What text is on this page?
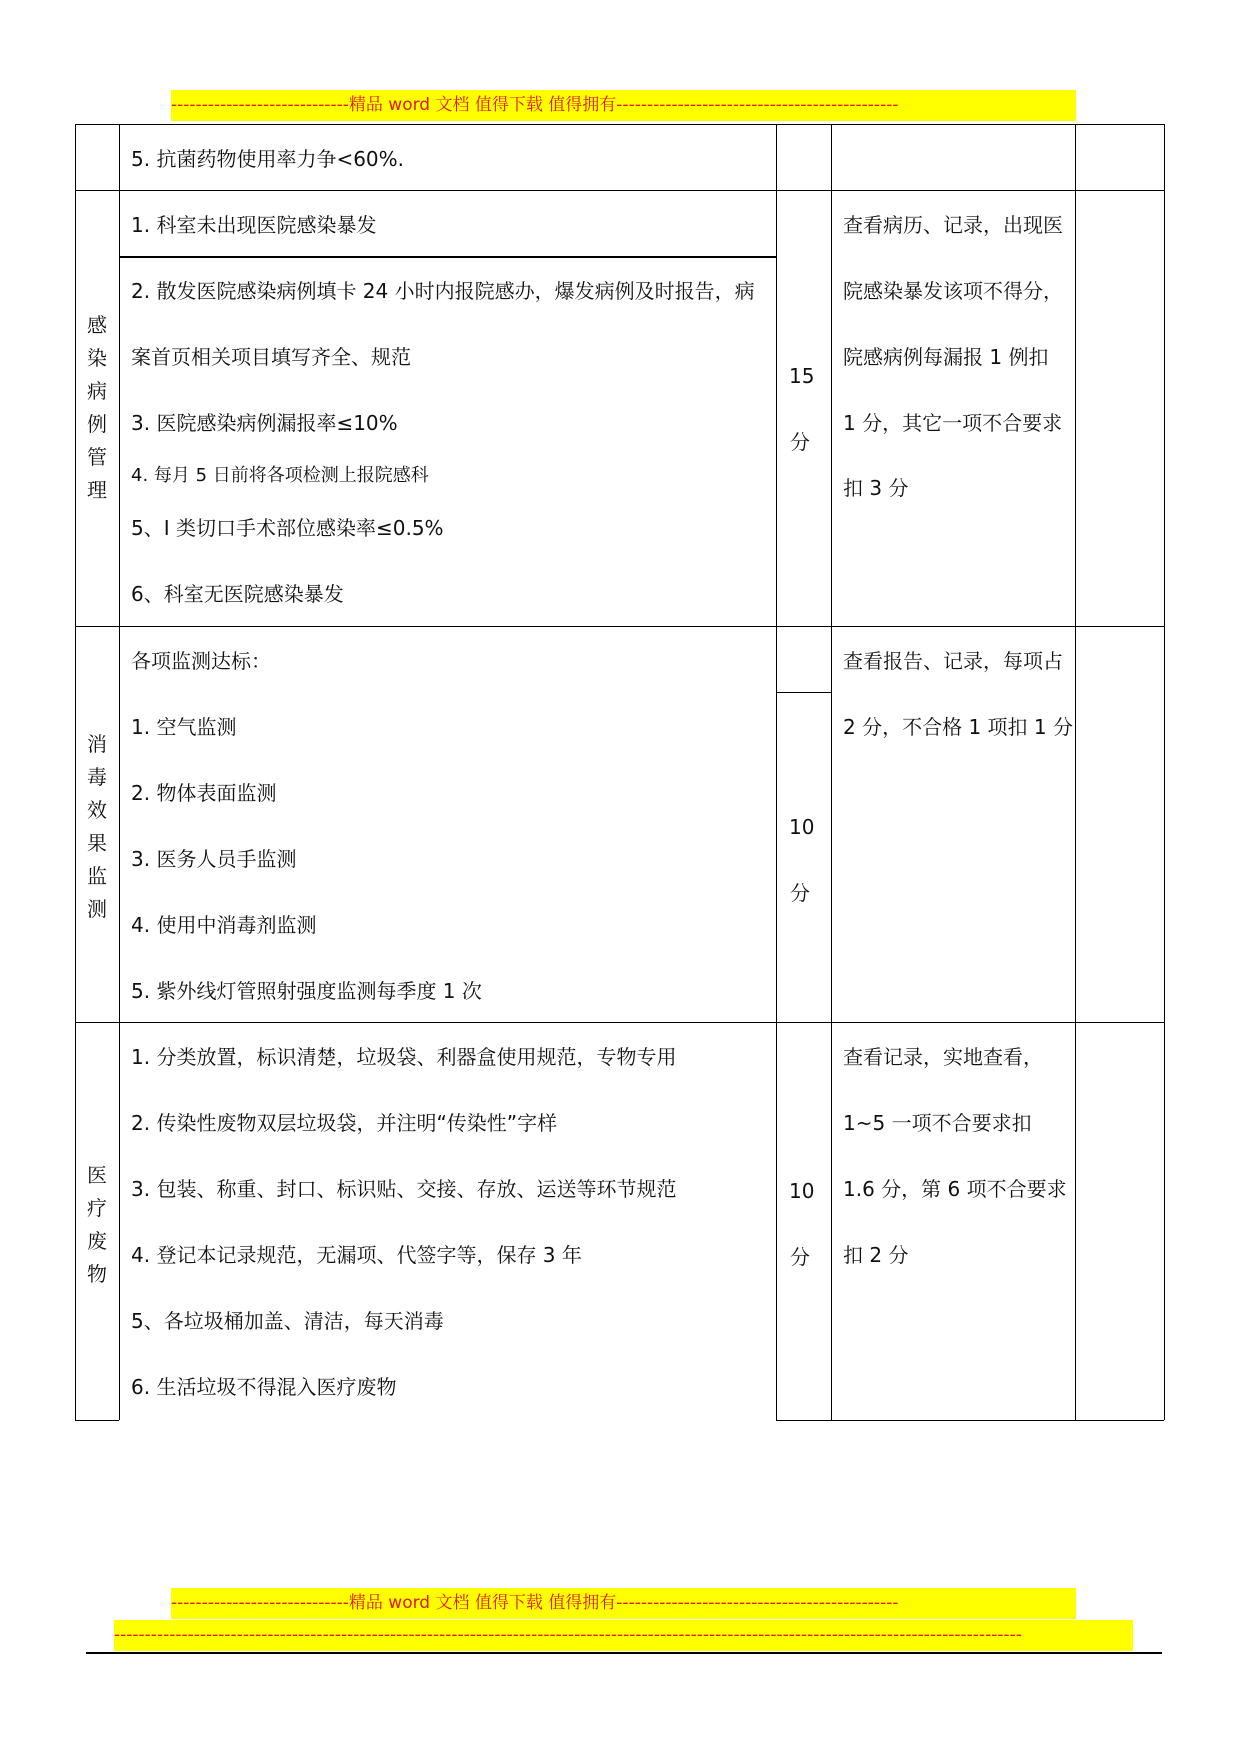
-----------------------------精品 word 文档 值得下载 值得拥有----------------------------------------------
5. 抗菌药物使用率力争<60%.
感
染
病
例
管
理
1. 科室未出现医院感染暴发
2. 散发医院感染病例填卡 24 小时内报院感办，爆发病例及时报告，病
案首页相关项目填写齐全、规范
3. 医院感染病例漏报率≤10%
4. 每月 5 日前将各项检测上报院感科
5、I 类切口手术部位感染率≤0.5%
6、科室无医院感染暴发
15
分
查看病历、记录，出现医
院感染暴发该项不得分，
院感病例每漏报 1 例扣
1 分，其它一项不合要求
扣 3 分
消
毒
效
果
监
测
各项监测达标：
1. 空气监测
2. 物体表面监测
3. 医务人员手监测
4. 使用中消毒剂监测
5. 紫外线灯管照射强度监测每季度 1 次
10
分
查看报告、记录，每项占
2 分，不合格 1 项扣 1 分
医
疗
废
物
1. 分类放置，标识清楚，垃圾袋、利器盒使用规范，专物专用
2. 传染性废物双层垃圾袋，并注明“传染性”字样
3. 包装、称重、封口、标识贴、交接、存放、运送等环节规范
4. 登记本记录规范，无漏项、代签字等，保存 3 年
5、各垃圾桶加盖、清洁，每天消毒
6. 生活垃圾不得混入医疗废物
10
分
查看记录，实地查看，
1~5 一项不合要求扣
1.6 分，第 6 项不合要求
扣 2 分
-----------------------------精品 word 文档 值得下载 值得拥有----------------------------------------------
----------------------------------------------------------------------------------------------------------------------------------------------------
